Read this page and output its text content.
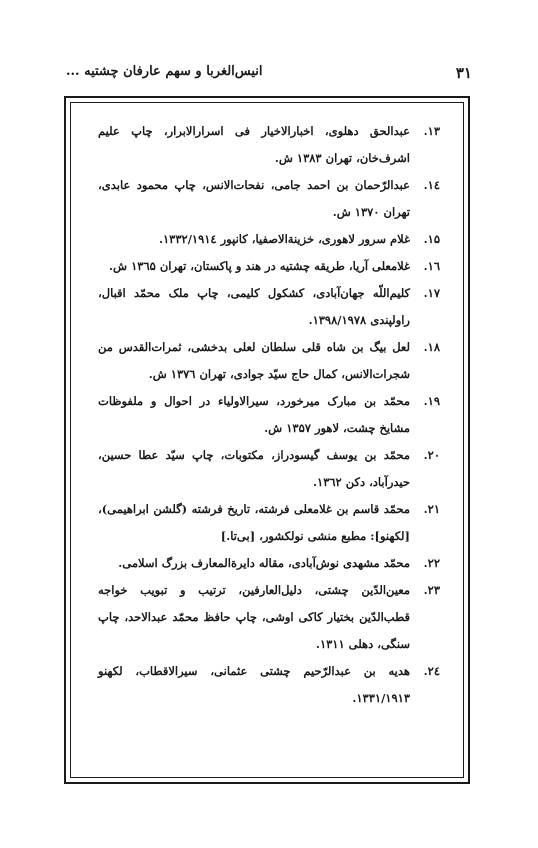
۳۱
انیس‌الغربا و سهم عارفان چشتیه ...
۱۳.
عبدالحق دهلوی، اخبارالاخیار فی اسرارالابرار، چاپ علیم اشرف‌خان، تهران ۱۳۸۳ ش.
۱٤.
عبدالرّحمان بن احمد جامی، نفحات‌الانس، چاپ محمود عابدی، تهران ۱۳۷۰ ش.
۱۵.
غلام سرور لاهوری، خزینة‌الاصفیا، کانپور ۱۳۳۲/۱۹۱٤.
۱٦.
غلامعلی آریا، طریقه چشتیه در هند و پاکستان، تهران ۱۳٦۵ ش.
۱۷.
کلیم‌اللّه جهان‌آبادی، کشکول کلیمی، چاپ ملک محمّد اقبال، راولپندی ۱۳۹۸/۱۹۷۸.
۱۸.
لعل بیگ بن شاه قلی سلطان لعلی بدخشی، ثمرات‌القدس من شجرات‌الانس، کمال حاج سیّد جوادی، تهران ۱۳۷٦ ش.
۱۹.
محمّد بن مبارک میرخورد، سیرالاولیاء در احوال و ملفوظات مشایخ چشت، لاهور ۱۳۵۷ ش.
۲۰.
محمّد بن یوسف گیسودراز، مکتوبات، چاپ سیّد عطا حسین، حیدرآباد، دکن ۱۳٦۲.
۲۱.
محمّد قاسم بن غلامعلی فرشته، تاریخ فرشته (گلشن ابراهیمی)، [لکهنو]: مطبع منشی نولکشور، [بی‌تا.]
۲۲.
محمّد مشهدی نوش‌آبادی، مقاله دایرة‌المعارف بزرگ اسلامی.
۲۳.
معین‌الدّین چشتی، دلیل‌العارفین، ترتیب و تبویب خواجه قطب‌الدّین بختیار کاکی اوشی، چاپ حافظ محمّد عبدالاحد، چاپ سنگی، دهلی ۱۳۱۱.
۲٤.
هدیه بن عبدالرّحیم چشتی عثمانی، سیرالاقطاب، لکهنو ۱۳۳۱/۱۹۱۳.
